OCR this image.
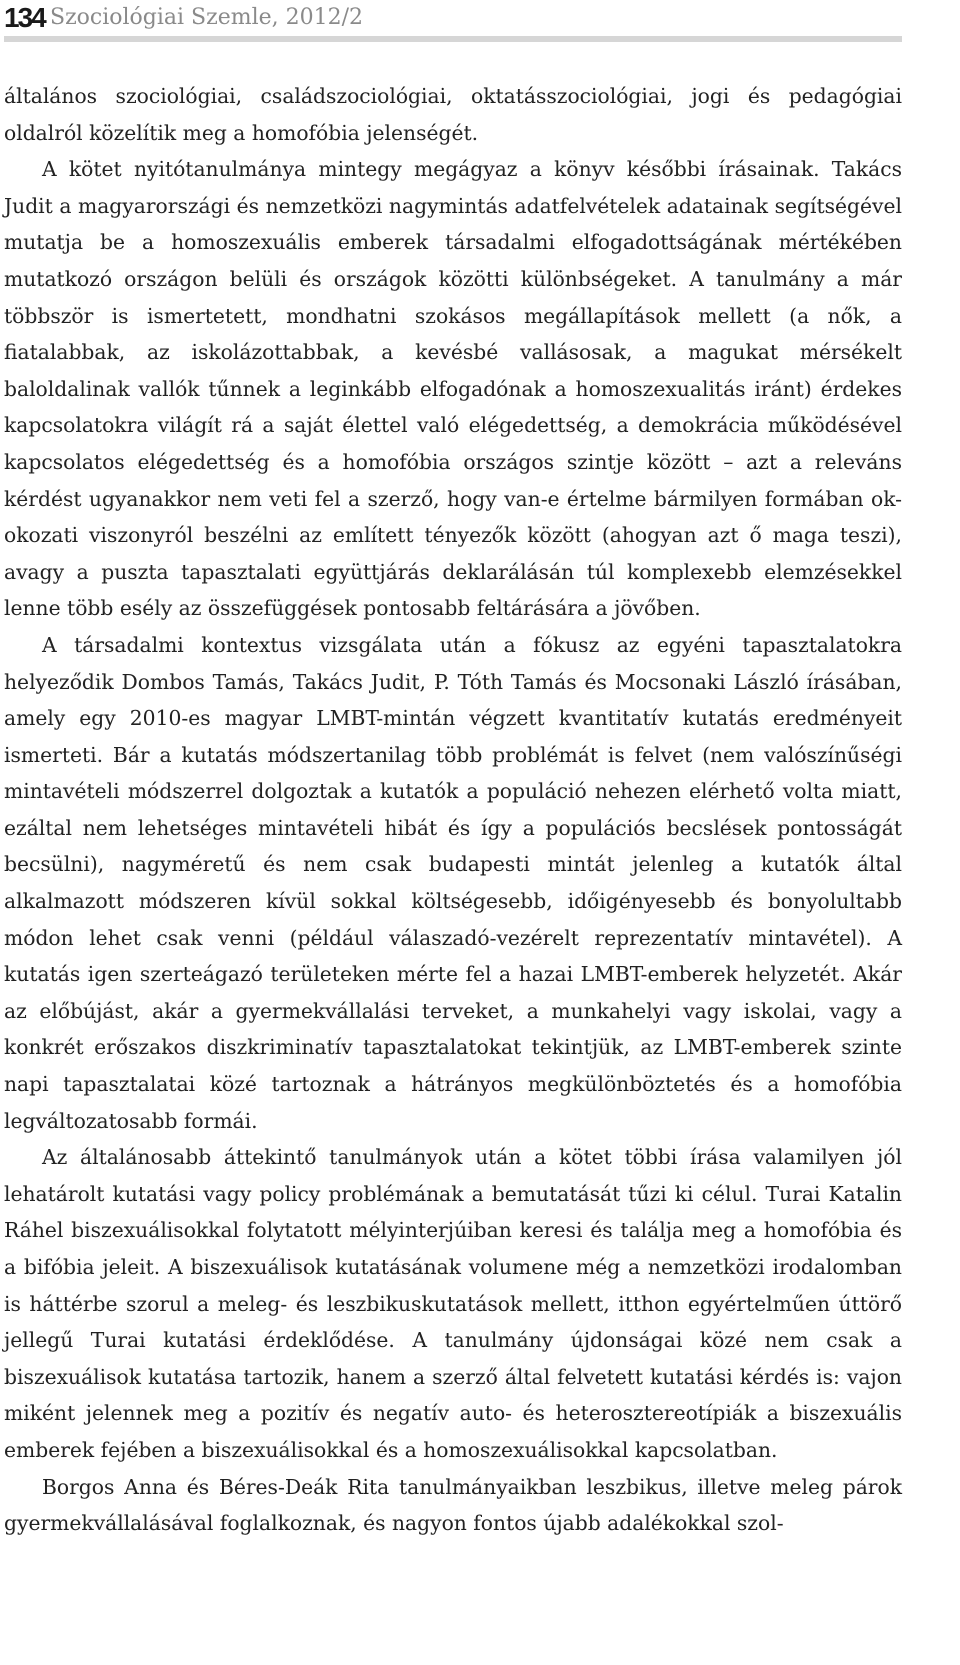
134 Szociológiai Szemle, 2012/2

általános szociológiai, családszociológiai, oktatásszociológiai, jogi és pedagógiai oldalról közelítik meg a homofóbia jelenségét.

A kötet nyitótanulmánya mintegy megágyaz a könyv későbbi írásainak. Takács Judit a magyarországi és nemzetközi nagymintás adatfelvételek adatainak segítségével mutatja be a homoszexuális emberek társadalmi elfogadottságának mértékében mutatkozó országon belüli és országok közötti különbségeket. A tanulmány a már többször is ismertetett, mondhatni szokásos megállapítások mellett (a nők, a fiatalabbak, az iskolázottabbak, a kevésbé vallásosak, a magukat mérsékelt baloldalinak vallók tűnnek a leginkább elfogadónak a homoszexualitás iránt) érdekes kapcsolatokra világít rá a saját élettel való elégedettség, a demokrácia működésével kapcsolatos elégedettség és a homofóbia országos szintje között – azt a releváns kérdést ugyanakkor nem veti fel a szerző, hogy van-e értelme bármilyen formában ok-okozati viszonyról beszélni az említett tényezők között (ahogyan azt ő maga teszi), avagy a puszta tapasztalati együttjárás deklarálásán túl komplexebb elemzésekkel lenne több esély az összefüggések pontosabb feltárására a jövőben.

A társadalmi kontextus vizsgálata után a fókusz az egyéni tapasztalatokra helyeződik Dombos Tamás, Takács Judit, P. Tóth Tamás és Mocsonaki László írásában, amely egy 2010-es magyar LMBT-mintán végzett kvantitatív kutatás eredményeit ismerteti. Bár a kutatás módszertanilag több problémát is felvet (nem valószínűségi mintavételi módszerrel dolgoztak a kutatók a populáció nehezen elérhető volta miatt, ezáltal nem lehetséges mintavételi hibát és így a populációs becslések pontosságát becsülni), nagyméretű és nem csak budapesti mintát jelenleg a kutatók által alkalmazott módszeren kívül sokkal költségesebb, időigényesebb és bonyolultabb módon lehet csak venni (például válaszadó-vezérelt reprezentatív mintavétel). A kutatás igen szerteágazó területeken mérte fel a hazai LMBT-emberek helyzetét. Akár az előbújást, akár a gyermekvállalási terveket, a munkahelyi vagy iskolai, vagy a konkrét erőszakos diszkriminatív tapasztalatokat tekintjük, az LMBT-emberek szinte napi tapasztalatai közé tartoznak a hátrányos megkülönböztetés és a homofóbia legváltozatosabb formái.

Az általánosabb áttekintő tanulmányok után a kötet többi írása valamilyen jól lehatárolt kutatási vagy policy problémának a bemutatását tűzi ki célul. Turai Katalin Ráhel biszexuálisokkal folytatott mélyinterjúiban keresi és találja meg a homofóbia és a bifóbia jeleit. A biszexuálisok kutatásának volumene még a nemzetközi irodalomban is háttérbe szorul a meleg- és leszbikuskutatások mellett, itthon egyértelműen úttörő jellegű Turai kutatási érdeklődése. A tanulmány újdonságai közé nem csak a biszexuálisok kutatása tartozik, hanem a szerző által felvetett kutatási kérdés is: vajon miként jelennek meg a pozitív és negatív auto- és heterosztereotípiák a biszexuális emberek fejében a biszexuálisokkal és a homoszexuálisokkal kapcsolatban.

Borgos Anna és Béres-Deák Rita tanulmányaikban leszbikus, illetve meleg párok gyermekvállalásával foglalkoznak, és nagyon fontos újabb adalékokkal szol-
